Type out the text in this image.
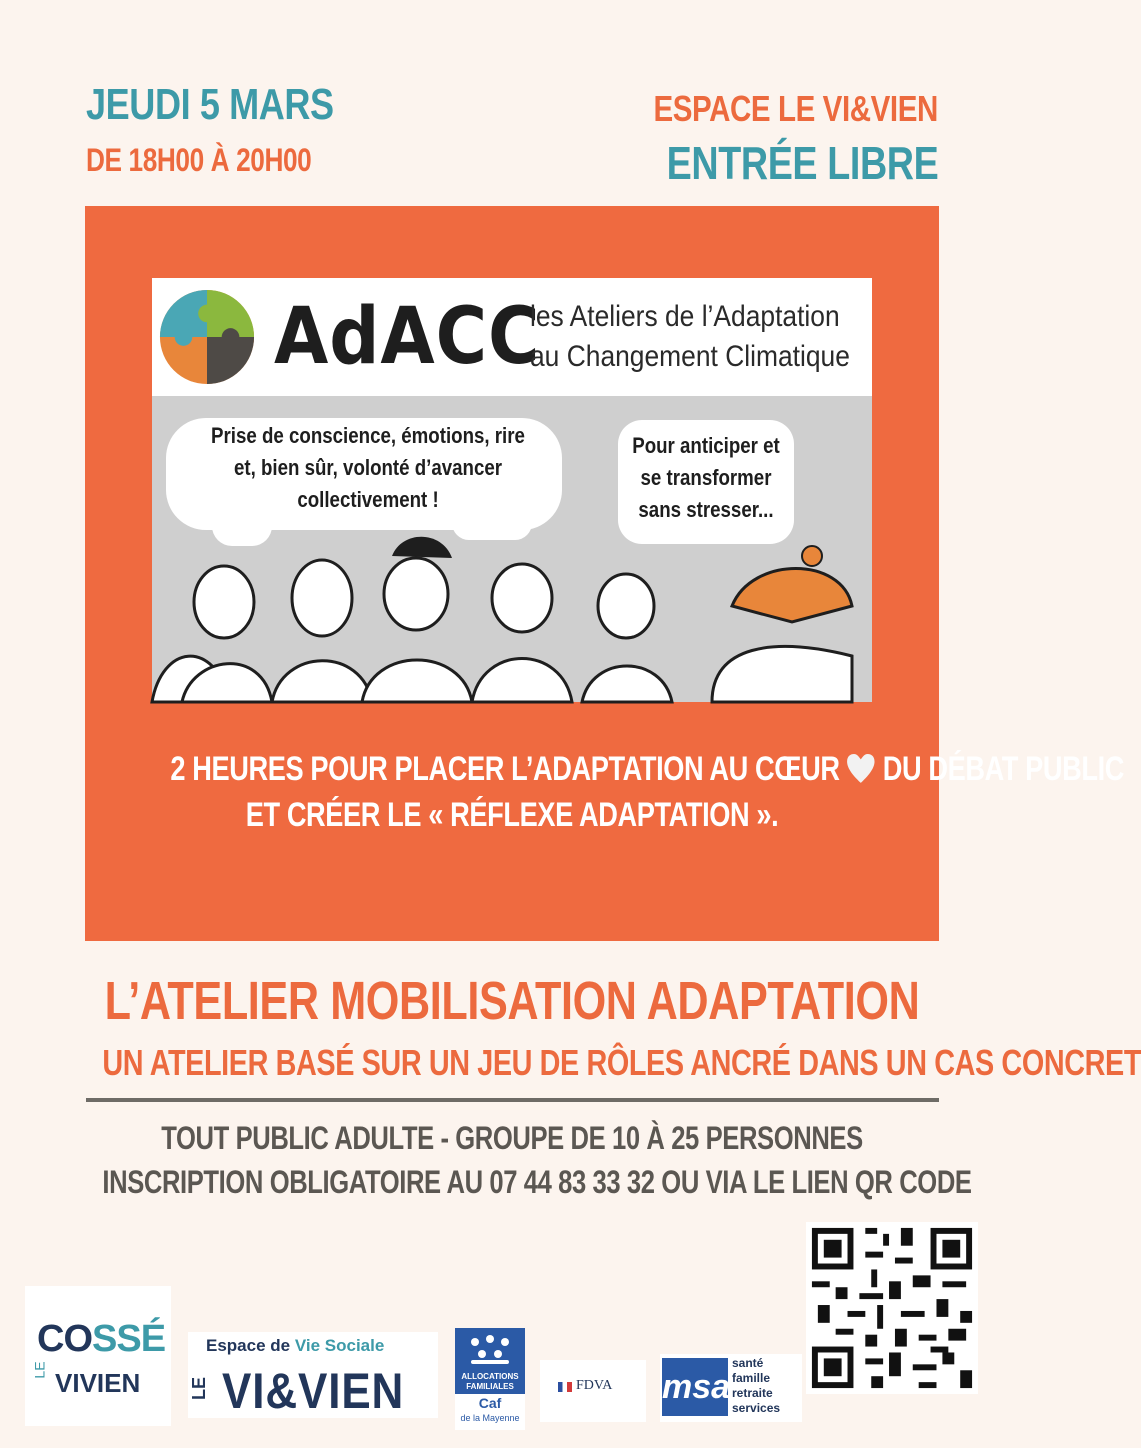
JEUDI 5 MARS
DE 18H00 À 20H00
ESPACE LE VI&VIEN
ENTRÉE LIBRE
AdACC
les Ateliers de l’Adaptation
au Changement Climatique
Prise de conscience, émotions, rire
et, bien sûr, volonté d’avancer
collectivement !
Pour anticiper et
se transformer
sans stresser...
2 HEURES POUR PLACER L’ADAPTATION AU CŒUR DU DÉBAT PUBLIC
ET CRÉER LE « RÉFLEXE ADAPTATION ».
L’ATELIER MOBILISATION ADAPTATION
UN ATELIER BASÉ SUR UN JEU DE RÔLES ANCRÉ DANS UN CAS CONCRET
TOUT PUBLIC ADULTE - GROUPE DE 10 À 25 PERSONNES
INSCRIPTION OBLIGATOIRE AU 07 44 83 33 32 OU VIA LE LIEN QR CODE
COSSÉ
VIVIEN
LE
Espace de Vie Sociale
VI&VIEN
LE
ALLOCATIONS
FAMILIALES
Caf
de la Mayenne
FDVA msa
santé
famille
retraite
services
